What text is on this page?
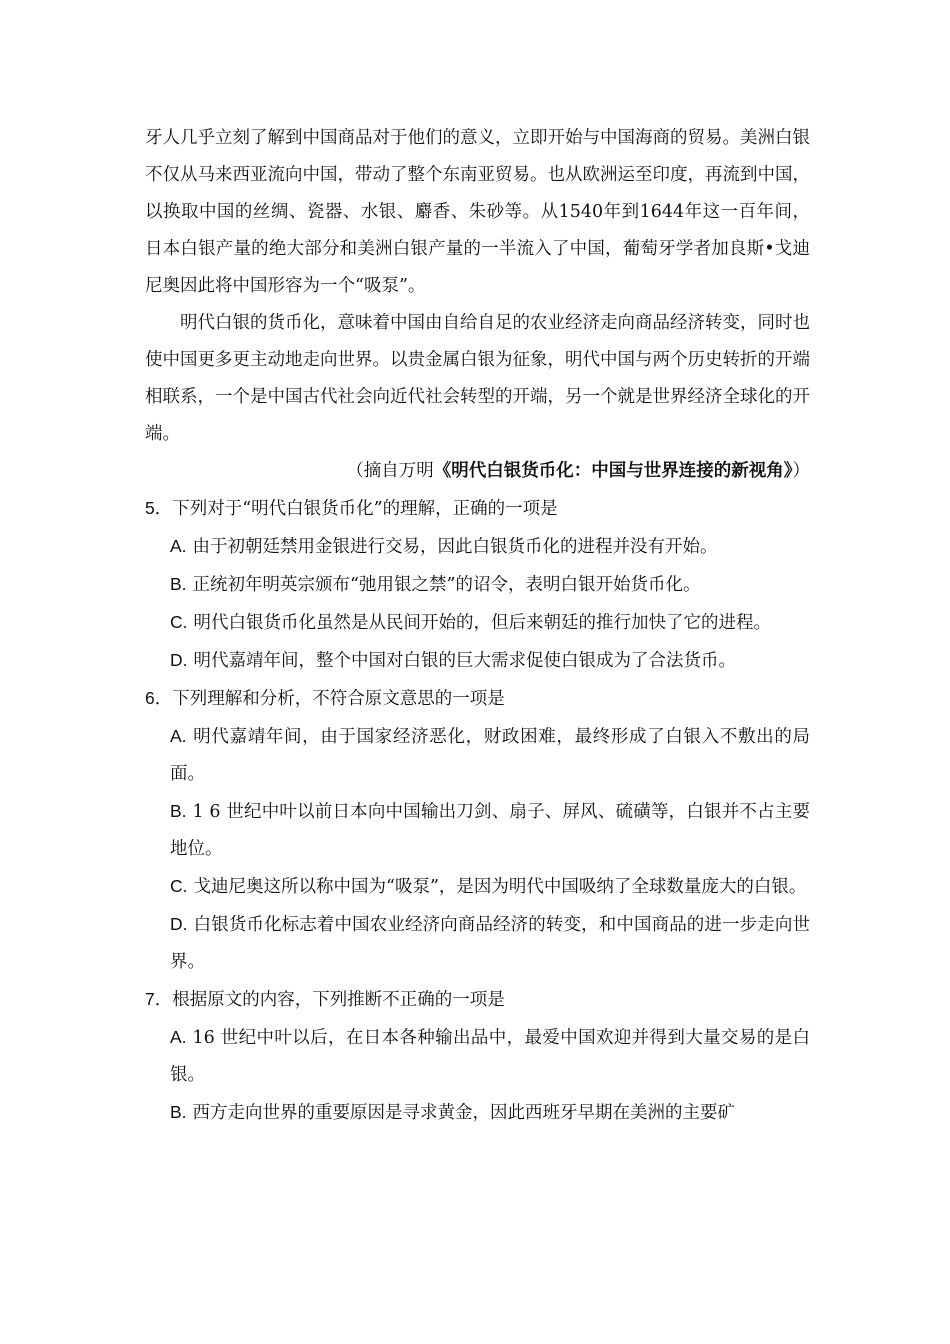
牙人几乎立刻了解到中国商品对于他们的意义，立即开始与中国海商的贸易。美洲白银不仅从马来西亚流向中国，带动了整个东南亚贸易。也从欧洲运至印度，再流到中国，以换取中国的丝绸、瓷器、水银、麝香、朱砂等。从1540年到1644年这一百年间，日本白银产量的绝大部分和美洲白银产量的一半流入了中国，葡萄牙学者加良斯•戈迪尼奥因此将中国形容为一个“吸泵”。

明代白银的货币化，意味着中国由自给自足的农业经济走向商品经济转变，同时也使中国更多更主动地走向世界。以贵金属白银为征象，明代中国与两个历史转折的开端相联系，一个是中国古代社会向近代社会转型的开端，另一个就是世界经济全球化的开端。

（摘自万明《明代白银货币化：中国与世界连接的新视角》）

5．下列对于“明代白银货币化”的理解，正确的一项是

A. 由于初朝廷禁用金银进行交易，因此白银货币化的进程并没有开始。

B. 正统初年明英宗颁布“弛用银之禁”的诏令，表明白银开始货币化。

C. 明代白银货币化虽然是从民间开始的，但后来朝廷的推行加快了它的进程。

D. 明代嘉靖年间，整个中国对白银的巨大需求促使白银成为了合法货币。

6．下列理解和分析，不符合原文意思的一项是

A. 明代嘉靖年间，由于国家经济恶化，财政困难，最终形成了白银入不敷出的局面。

B. 1 6 世纪中叶以前日本向中国输出刀剑、扇子、屏风、硫磺等，白银并不占主要地位。

C. 戈迪尼奥这所以称中国为“吸泵”，是因为明代中国吸纳了全球数量庞大的白银。

D. 白银货币化标志着中国农业经济向商品经济的转变，和中国商品的进一步走向世界。

7．根据原文的内容，下列推断不正确的一项是

A. 16 世纪中叶以后，在日本各种输出品中，最爱中国欢迎并得到大量交易的是白银。

B. 西方走向世界的重要原因是寻求黄金，因此西班牙早期在美洲的主要矿
